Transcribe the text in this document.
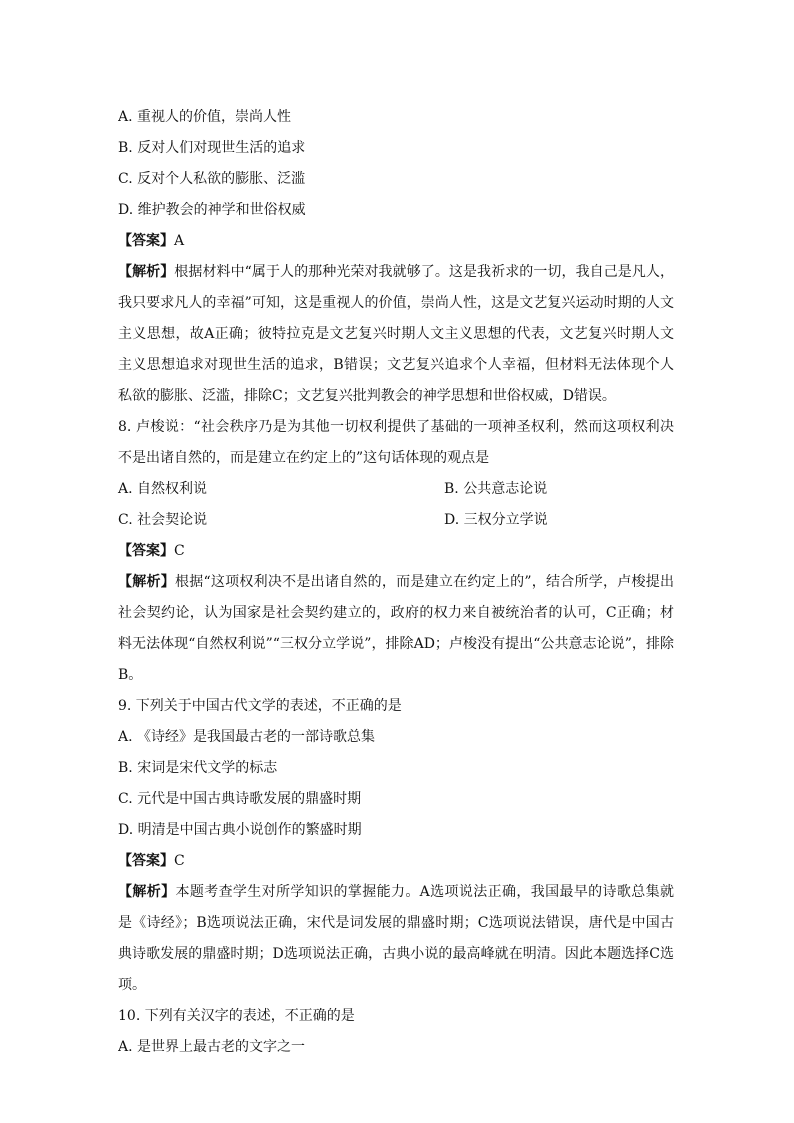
A. 重视人的价值，崇尚人性
B. 反对人们对现世生活的追求
C. 反对个人私欲的膨胀、泛滥
D. 维护教会的神学和世俗权威
【答案】A
【解析】根据材料中“属于人的那种光荣对我就够了。这是我祈求的一切，我自己是凡人，我只要求凡人的幸福”可知，这是重视人的价值，崇尚人性，这是文艺复兴运动时期的人文主义思想，故A正确；彼特拉克是文艺复兴时期人文主义思想的代表，文艺复兴时期人文主义思想追求对现世生活的追求，B错误；文艺复兴追求个人幸福，但材料无法体现个人私欲的膨胀、泛滥，排除C；文艺复兴批判教会的神学思想和世俗权威，D错误。
8. 卢梭说：“社会秩序乃是为其他一切权利提供了基础的一项神圣权利，然而这项权利决不是出诸自然的，而是建立在约定上的”这句话体现的观点是
A. 自然权利说	B. 公共意志论说
C. 社会契论说	D. 三权分立学说
【答案】C
【解析】根据“这项权利决不是出诸自然的，而是建立在约定上的”，结合所学，卢梭提出社会契约论，认为国家是社会契约建立的，政府的权力来自被统治者的认可，C正确；材料无法体现“自然权利说”“三权分立学说”，排除AD；卢梭没有提出“公共意志论说”，排除B。
9. 下列关于中国古代文学的表述，不正确的是
A. 《诗经》是我国最古老的一部诗歌总集
B. 宋词是宋代文学的标志
C. 元代是中国古典诗歌发展的鼎盛时期
D. 明清是中国古典小说创作的繁盛时期
【答案】C
【解析】本题考查学生对所学知识的掌握能力。A选项说法正确，我国最早的诗歌总集就是《诗经》；B选项说法正确，宋代是词发展的鼎盛时期；C选项说法错误，唐代是中国古典诗歌发展的鼎盛时期；D选项说法正确，古典小说的最高峰就在明清。因此本题选择C选项。
10. 下列有关汉字的表述，不正确的是
A. 是世界上最古老的文字之一
